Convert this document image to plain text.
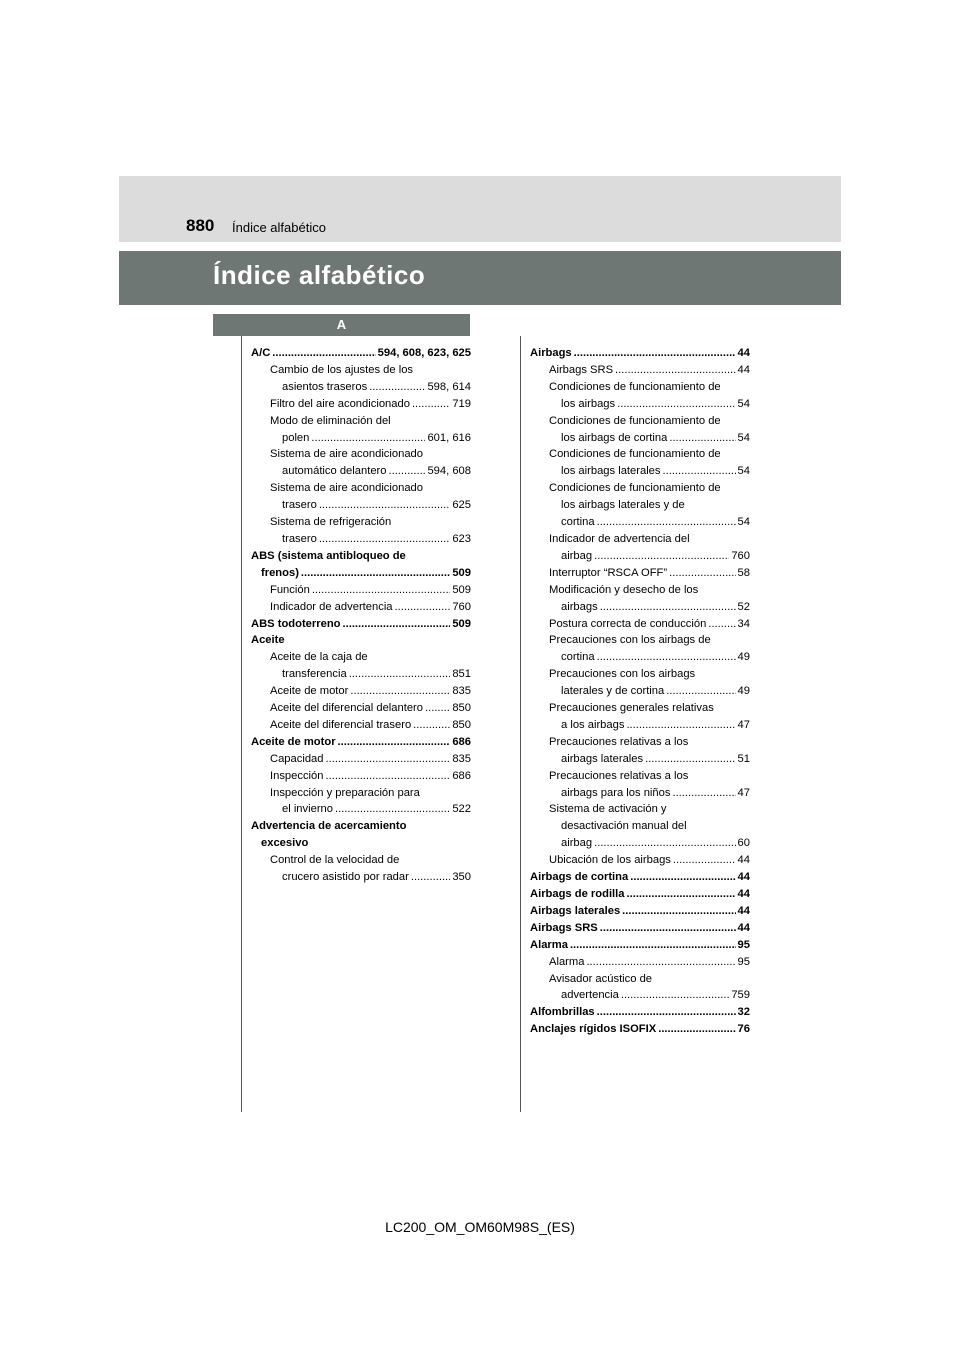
880 Índice alfabético
Índice alfabético
A
A/C .....	594, 608, 623, 625
Cambio de los ajustes de los
asientos traseros .....	598, 614
Filtro del aire acondicionado .....	719
Modo de eliminación del
polen .....	601, 616
Sistema de aire acondicionado
automático delantero .....	594, 608
Sistema de aire acondicionado
trasero .....	625
Sistema de refrigeración
trasero .....	623
ABS (sistema antibloqueo de
frenos) .....	509
Función .....	509
Indicador de advertencia .....	760
ABS todoterreno .....	509
Aceite
Aceite de la caja de
transferencia .....	851
Aceite de motor .....	835
Aceite del diferencial delantero .....	850
Aceite del diferencial trasero .....	850
Aceite de motor .....	686
Capacidad .....	835
Inspección .....	686
Inspección y preparación para
el invierno .....	522
Advertencia de acercamiento
excesivo
Control de la velocidad de
crucero asistido por radar .....	350
Airbags .....	44
Airbags SRS .....	44
Condiciones de funcionamiento de
los airbags .....	54
Condiciones de funcionamiento de
los airbags de cortina .....	54
Condiciones de funcionamiento de
los airbags laterales .....	54
Condiciones de funcionamiento de
los airbags laterales y de
cortina .....	54
Indicador de advertencia del
airbag .....	760
Interruptor “RSCA OFF” .....	58
Modificación y desecho de los
airbags .....	52
Postura correcta de conducción .....	34
Precauciones con los airbags de
cortina .....	49
Precauciones con los airbags
laterales y de cortina .....	49
Precauciones generales relativas
a los airbags .....	47
Precauciones relativas a los
airbags laterales .....	51
Precauciones relativas a los
airbags para los niños .....	47
Sistema de activación y
desactivación manual del
airbag .....	60
Ubicación de los airbags .....	44
Airbags de cortina .....	44
Airbags de rodilla .....	44
Airbags laterales .....	44
Airbags SRS .....	44
Alarma .....	95
Alarma .....	95
Avisador acústico de
advertencia .....	759
Alfombrillas .....	32
Anclajes rígidos ISOFIX .....	76
LC200_OM_OM60M98S_(ES)
